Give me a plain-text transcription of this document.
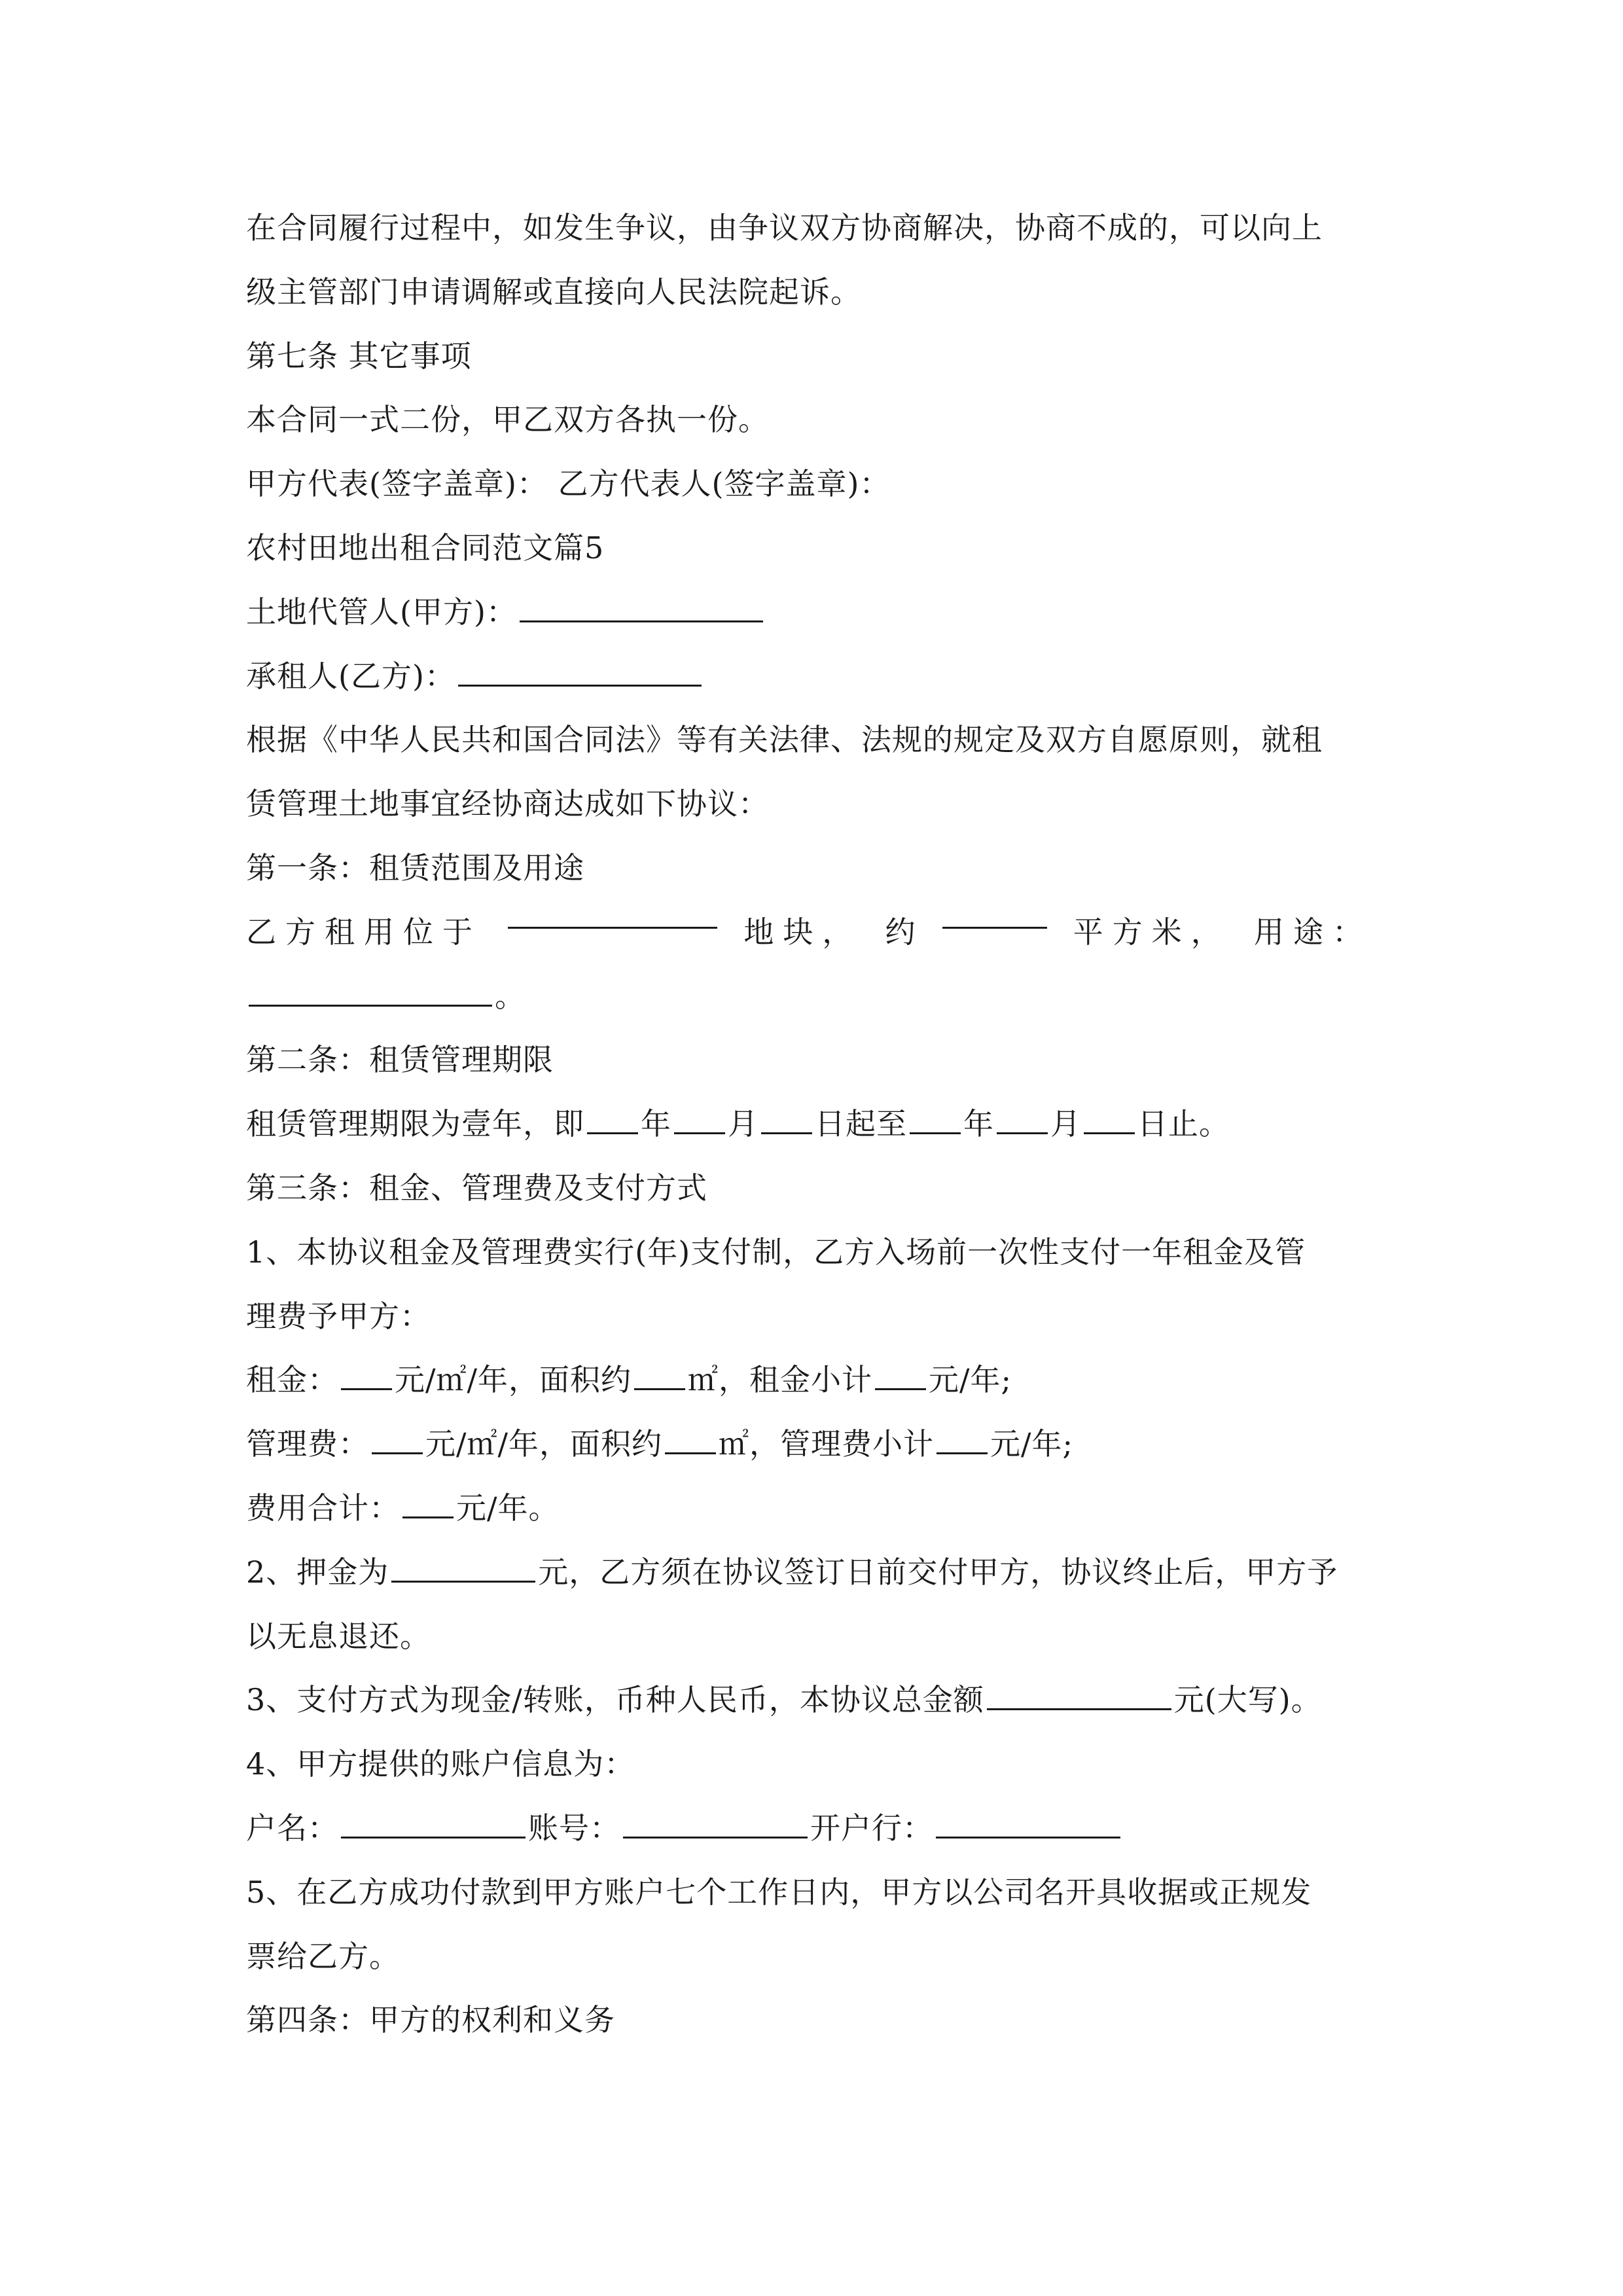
在合同履行过程中，如发生争议，由争议双方协商解决，协商不成的，可以向上
级主管部门申请调解或直接向人民法院起诉。
第七条 其它事项
本合同一式二份，甲乙双方各执一份。
甲方代表(签字盖章)： 乙方代表人(签字盖章)：
农村田地出租合同范文篇5
土地代管人(甲方)：
承租人(乙方)：
根据《中华人民共和国合同法》等有关法律、法规的规定及双方自愿原则，就租
赁管理土地事宜经协商达成如下协议：
第一条：租赁范围及用途
乙方租用位于	地块， 约	平方米， 用途：
。
第二条：租赁管理期限
租赁管理期限为壹年，即 年 月 日起至 年 月 日止。
第三条：租金、管理费及支付方式
1、本协议租金及管理费实行(年)支付制，乙方入场前一次性支付一年租金及管
理费予甲方：
租金： 元/㎡/年，面积约 ㎡，租金小计 元/年;
管理费： 元/㎡/年，面积约 ㎡，管理费小计 元/年;
费用合计： 元/年。
2、押金为	元，乙方须在协议签订日前交付甲方，协议终止后，甲方予
以无息退还。
3、支付方式为现金/转账，币种人民币，本协议总金额	元(大写)。
4、甲方提供的账户信息为：
户名：	账号：	开户行：
5、在乙方成功付款到甲方账户七个工作日内，甲方以公司名开具收据或正规发
票给乙方。
第四条：甲方的权利和义务
